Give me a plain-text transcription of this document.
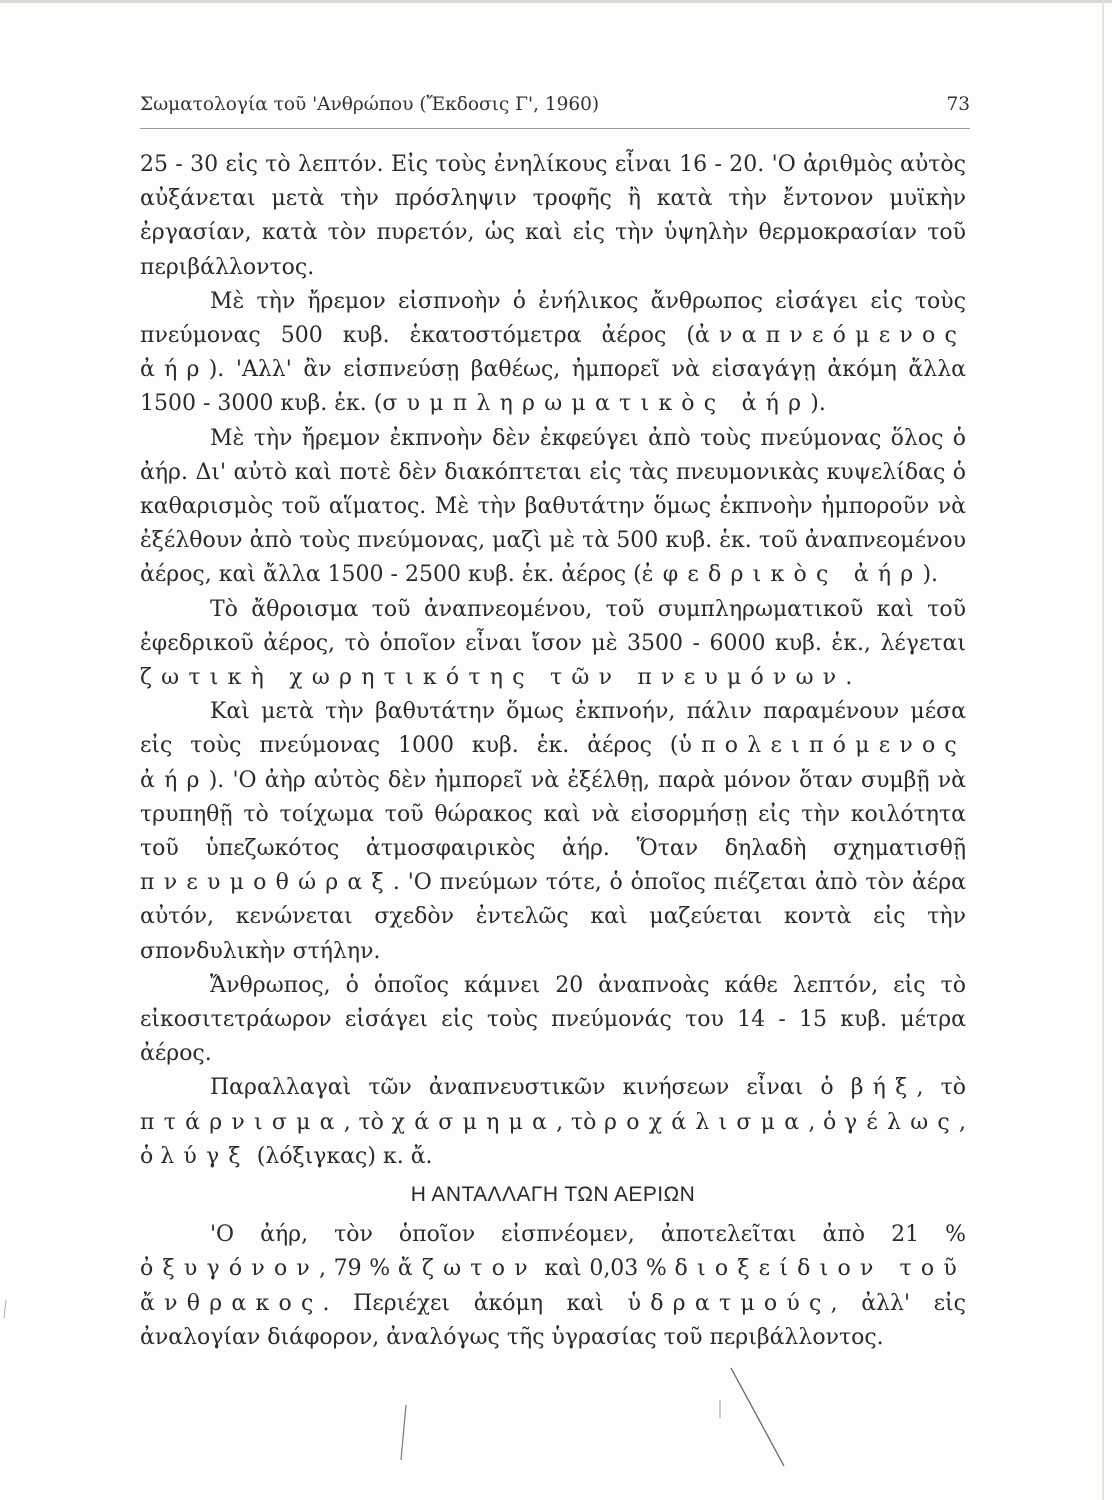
Σωματολογία τοῦ 'Ανθρώπου (Ἔκδοσις Γ', 1960)	73

25 - 30 εἰς τὸ λεπτόν. Εἰς τοὺς ἐνηλίκους εἶναι 16 - 20. 'Ο ἀριθμὸς αὐτὸς αὐξάνεται μετὰ τὴν πρόσληψιν τροφῆς ἢ κατὰ τὴν ἔντονον μυϊκὴν ἐργασίαν, κατὰ τὸν πυρετόν, ὡς καὶ εἰς τὴν ὑψηλὴν θερμοκρασίαν τοῦ περιβάλλοντος.

Μὲ τὴν ἤρεμον εἰσπνοὴν ὁ ἐνήλικος ἄνθρωπος εἰσάγει εἰς τοὺς πνεύμονας 500 κυβ. ἑκατοστόμετρα ἀέρος (ἀναπνεόμενος ἀήρ). 'Αλλ' ἂν εἰσπνεύσῃ βαθέως, ἠμπορεῖ νὰ εἰσαγάγῃ ἀκόμη ἄλλα 1500 - 3000 κυβ. ἑκ. (συμπληρωματικὸς ἀήρ).

Μὲ τὴν ἤρεμον ἐκπνοὴν δὲν ἐκφεύγει ἀπὸ τοὺς πνεύμονας ὅλος ὁ ἀήρ. Δι' αὐτὸ καὶ ποτὲ δὲν διακόπτεται εἰς τὰς πνευμονικὰς κυψελίδας ὁ καθαρισμὸς τοῦ αἵματος. Μὲ τὴν βαθυτάτην ὅμως ἐκπνοὴν ἠμποροῦν νὰ ἐξέλθουν ἀπὸ τοὺς πνεύμονας, μαζὶ μὲ τὰ 500 κυβ. ἑκ. τοῦ ἀναπνεομένου ἀέρος, καὶ ἄλλα 1500 - 2500 κυβ. ἑκ. ἀέρος (ἐφεδρικὸς ἀήρ).

Τὸ ἄθροισμα τοῦ ἀναπνεομένου, τοῦ συμπληρωματικοῦ καὶ τοῦ ἐφεδρικοῦ ἀέρος, τὸ ὁποῖον εἶναι ἴσον μὲ 3500 - 6000 κυβ. ἑκ., λέγεται ζωτικὴ χωρητικότης τῶν πνευμόνων.

Καὶ μετὰ τὴν βαθυτάτην ὅμως ἐκπνοήν, πάλιν παραμένουν μέσα εἰς τοὺς πνεύμονας 1000 κυβ. ἑκ. ἀέρος (ὑπολειπόμενος ἀήρ). 'Ο ἀὴρ αὐτὸς δὲν ἠμπορεῖ νὰ ἐξέλθῃ, παρὰ μόνον ὅταν συμβῇ νὰ τρυπηθῇ τὸ τοίχωμα τοῦ θώρακος καὶ νὰ εἰσορμήσῃ εἰς τὴν κοιλότητα τοῦ ὑπεζωκότος ἀτμοσφαιρικὸς ἀήρ. Ὅταν δηλαδὴ σχηματισθῇ πνευμοθώραξ. 'Ο πνεύμων τότε, ὁ ὁποῖος πιέζεται ἀπὸ τὸν ἀέρα αὐτόν, κενώνεται σχεδὸν ἐντελῶς καὶ μαζεύεται κοντὰ εἰς τὴν σπονδυλικὴν στήλην.

Ἄνθρωπος, ὁ ὁποῖος κάμνει 20 ἀναπνοὰς κάθε λεπτόν, εἰς τὸ εἰκοσιτετράωρον εἰσάγει εἰς τοὺς πνεύμονάς του 14 - 15 κυβ. μέτρα ἀέρος.

Παραλλαγαὶ τῶν ἀναπνευστικῶν κινήσεων εἶναι ὁ βήξ, τὸ πτάρνισμα, τὸ χάσμημα, τὸ ροχάλισμα, ὁ γέλως, ὁ λύγξ (λόξιγκας) κ. ἄ.

Η ΑΝΤΑΛΛΑΓΗ ΤΩΝ ΑΕΡΙΩΝ

'Ο ἀήρ, τὸν ὁποῖον εἰσπνέομεν, ἀποτελεῖται ἀπὸ 21 % ὀξυγόνον, 79 % ἄζωτον καὶ 0,03 % διοξείδιον τοῦ ἄνθρακος. Περιέχει ἀκόμη καὶ ὑδρατμούς, ἀλλ' εἰς ἀναλογίαν διάφορον, ἀναλόγως τῆς ὑγρασίας τοῦ περιβάλλοντος.
